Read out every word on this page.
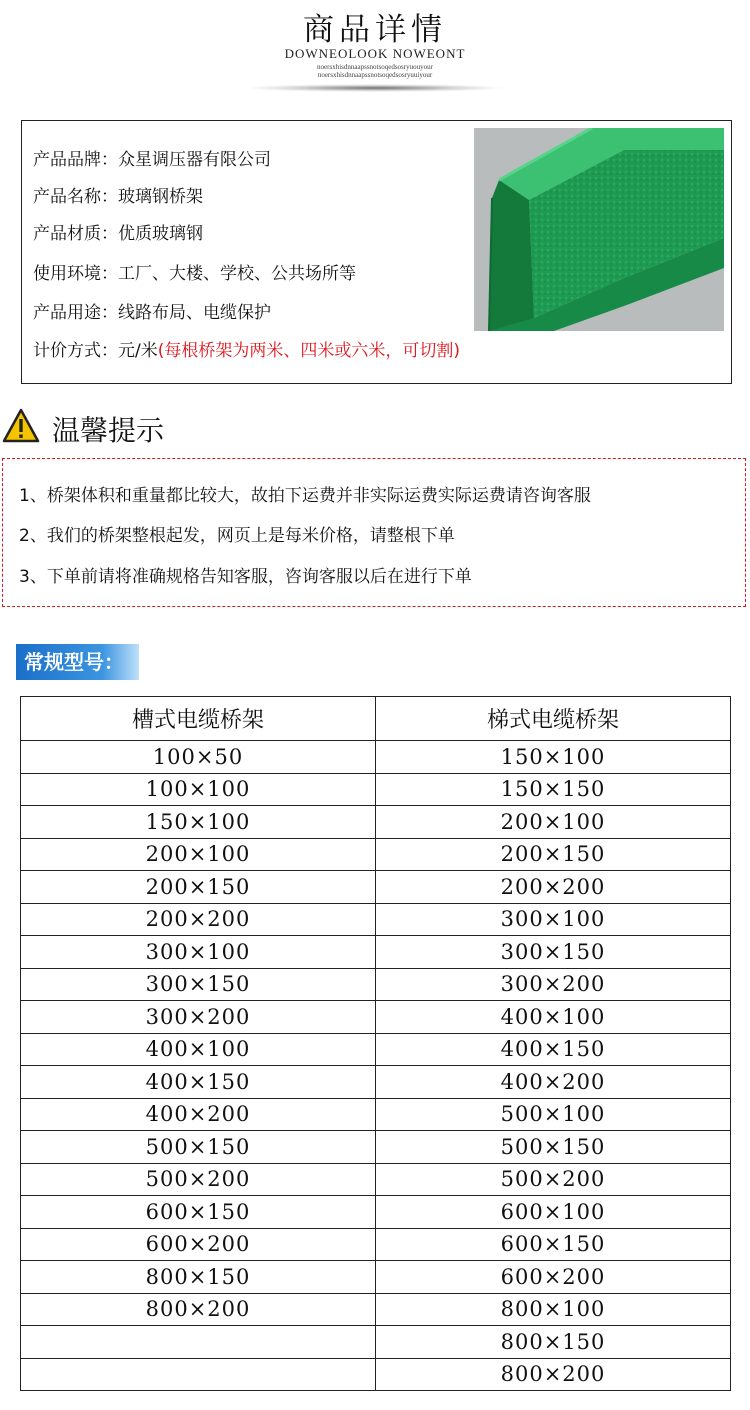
商品详情
DOWNEOLOOK NOWEONT
noersxhisdnnaapssnotsoqedsosryuouyour
noersxhisdnnaapssnotsoqedsosryuuiyour
产品品牌：众星调压器有限公司
产品名称：玻璃钢桥架
产品材质：优质玻璃钢
使用环境：工厂、大楼、学校、公共场所等
产品用途：线路布局、电缆保护
计价方式：元/米(每根桥架为两米、四米或六米，可切割)
温馨提示
1、桥架体积和重量都比较大，故拍下运费并非实际运费实际运费请咨询客服
2、我们的桥架整根起发，网页上是每米价格，请整根下单
3、下单前请将准确规格告知客服，咨询客服以后在进行下单
常规型号：
槽式电缆桥架	梯式电缆桥架
100×50	150×100
100×100	150×150
150×100	200×100
200×100	200×150
200×150	200×200
200×200	300×100
300×100	300×150
300×150	300×200
300×200	400×100
400×100	400×150
400×150	400×200
400×200	500×100
500×150	500×150
500×200	500×200
600×150	600×100
600×200	600×150
800×150	600×200
800×200	800×100
	800×150
	800×200
